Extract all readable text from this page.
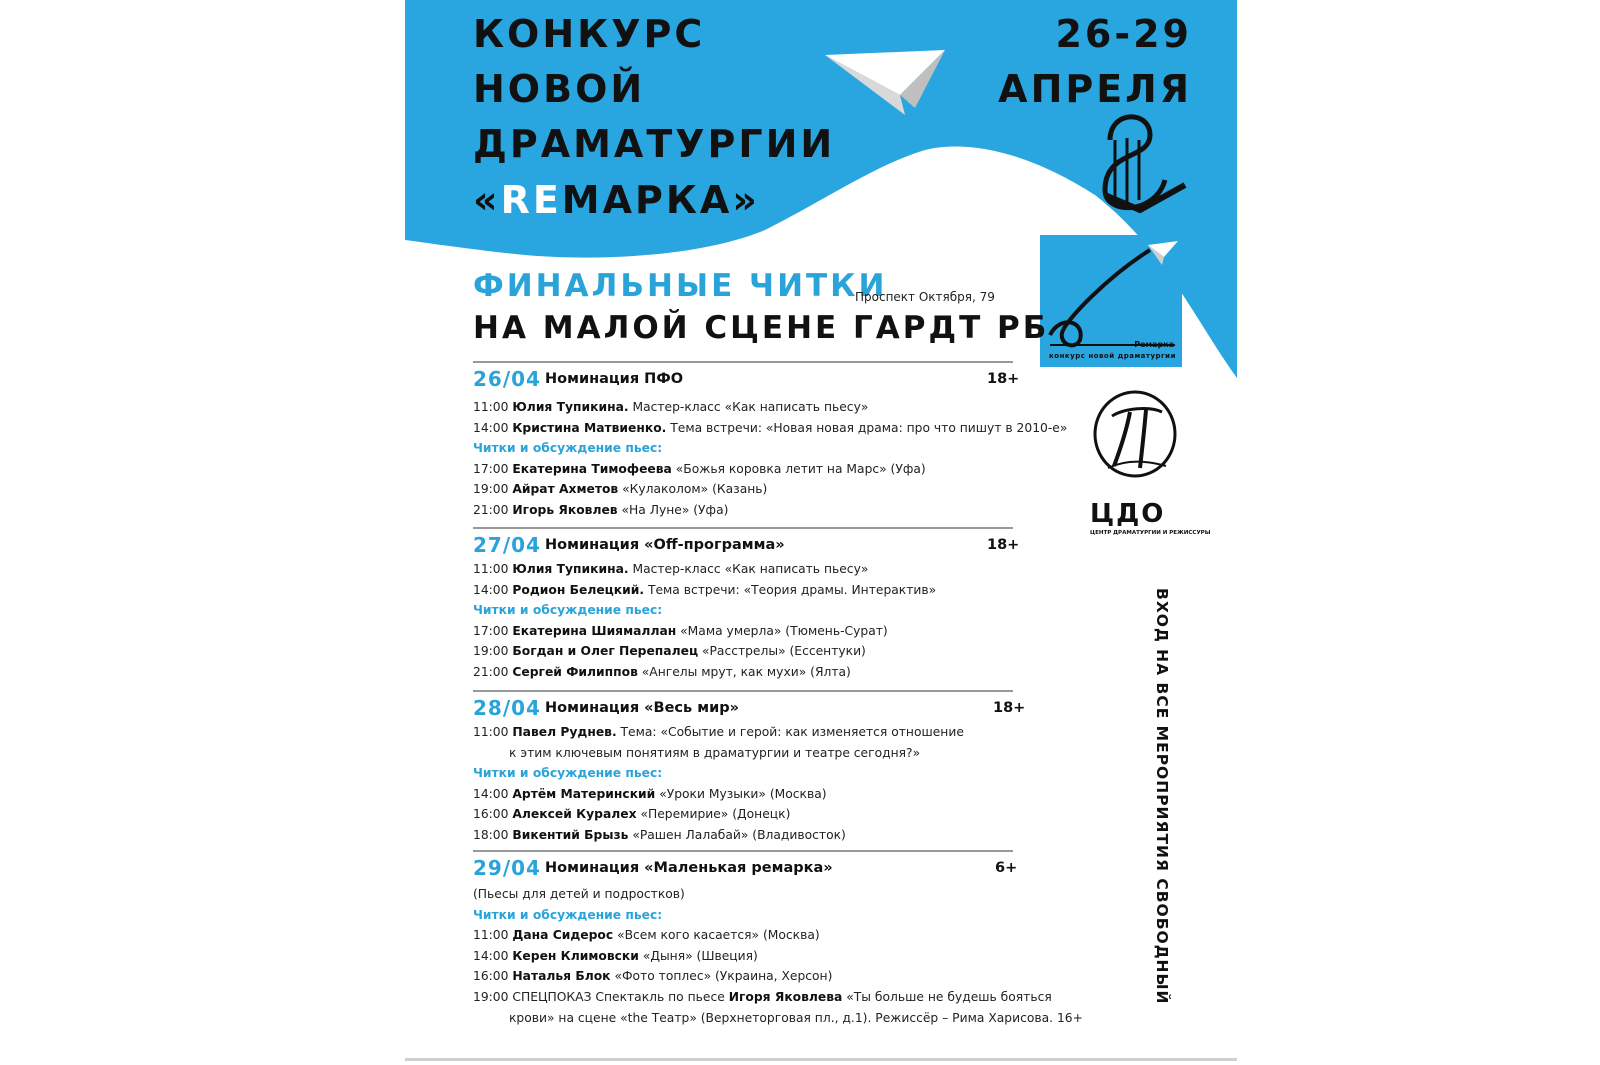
КОНКУРС
НОВОЙ
ДРАМАТУРГИИ
«REМАРКА»
26-29
АПРЕЛЯ
Ремарка
конкурс новой драматургии
ЦДО
ЦЕНТР ДРАМАТУРГИИ И РЕЖИССУРЫ
ФИНАЛЬНЫЕ ЧИТКИ
Проспект Октября, 79
НА МАЛОЙ СЦЕНЕ ГАРДТ РБ
26/04 Номинация ПФО	18+
11:00 Юлия Тупикина. Мастер-класс «Как написать пьесу»
14:00 Кристина Матвиенко. Тема встречи: «Новая новая драма: про что пишут в 2010-е»
Читки и обсуждение пьес:
17:00 Екатерина Тимофеева «Божья коровка летит на Марс» (Уфа)
19:00 Айрат Ахметов «Кулаколом» (Казань)
21:00 Игорь Яковлев «На Луне» (Уфа)
27/04 Номинация «Off-программа»	18+
11:00 Юлия Тупикина. Мастер-класс «Как написать пьесу»
14:00 Родион Белецкий. Тема встречи: «Теория драмы. Интерактив»
Читки и обсуждение пьес:
17:00 Екатерина Шиямаллан «Мама умерла» (Тюмень-Сурат)
19:00 Богдан и Олег Перепалец «Расстрелы» (Ессентуки)
21:00 Сергей Филиппов «Ангелы мрут, как мухи» (Ялта)
28/04 Номинация «Весь мир»	18+
11:00 Павел Руднев. Тема: «Событие и герой: как изменяется отношение
к этим ключевым понятиям в драматургии и театре сегодня?»
Читки и обсуждение пьес:
14:00 Артём Материнский «Уроки Музыки» (Москва)
16:00 Алексей Куралех «Перемирие» (Донецк)
18:00 Викентий Брызь «Рашен Лалабай» (Владивосток)
29/04 Номинация «Маленькая ремарка»	6+
(Пьесы для детей и подростков)
Читки и обсуждение пьес:
11:00 Дана Сидерос «Всем кого касается» (Москва)
14:00 Керен Климовски «Дыня» (Швеция)
16:00 Наталья Блок «Фото топлес» (Украина, Херсон)
19:00 СПЕЦПОКАЗ Спектакль по пьесе Игоря Яковлева «Ты больше не будешь бояться
крови» на сцене «the Театр» (Верхнеторговая пл., д.1). Режиссёр – Рима Харисова. 16+
ВХОД НА ВСЕ МЕРОПРИЯТИЯ СВОБОДНЫЙ
